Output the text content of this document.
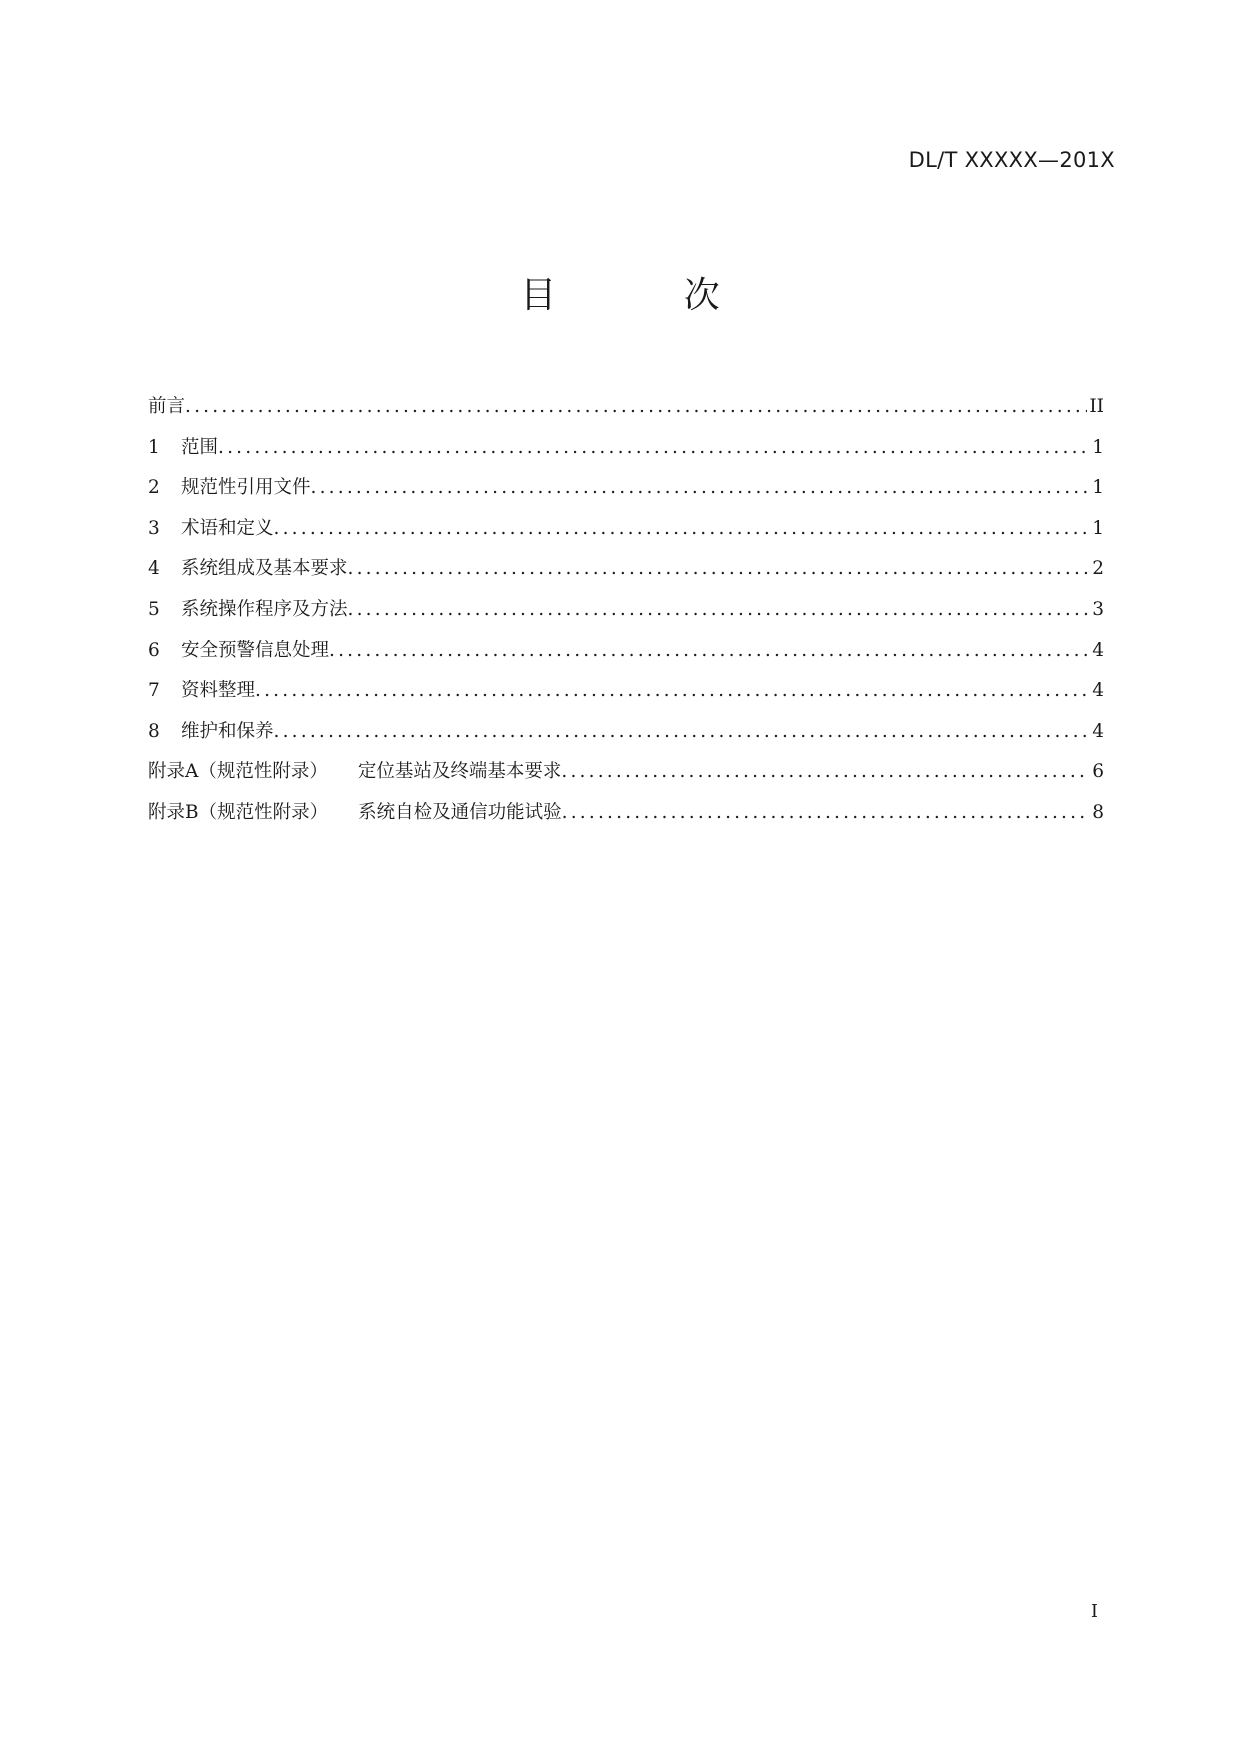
DL/T XXXXX—201X
目 次
前言 .....	II
1	范围 .....	1
2	规范性引用文件 .....	1
3	术语和定义 .....	1
4	系统组成及基本要求 .....	2
5	系统操作程序及方法 .....	3
6	安全预警信息处理 .....	4
7	资料整理 .....	4
8	维护和保养 .....	4
附录A（规范性附录） 定位基站及终端基本要求 .....	6
附录B（规范性附录） 系统自检及通信功能试验 .....	8
I
